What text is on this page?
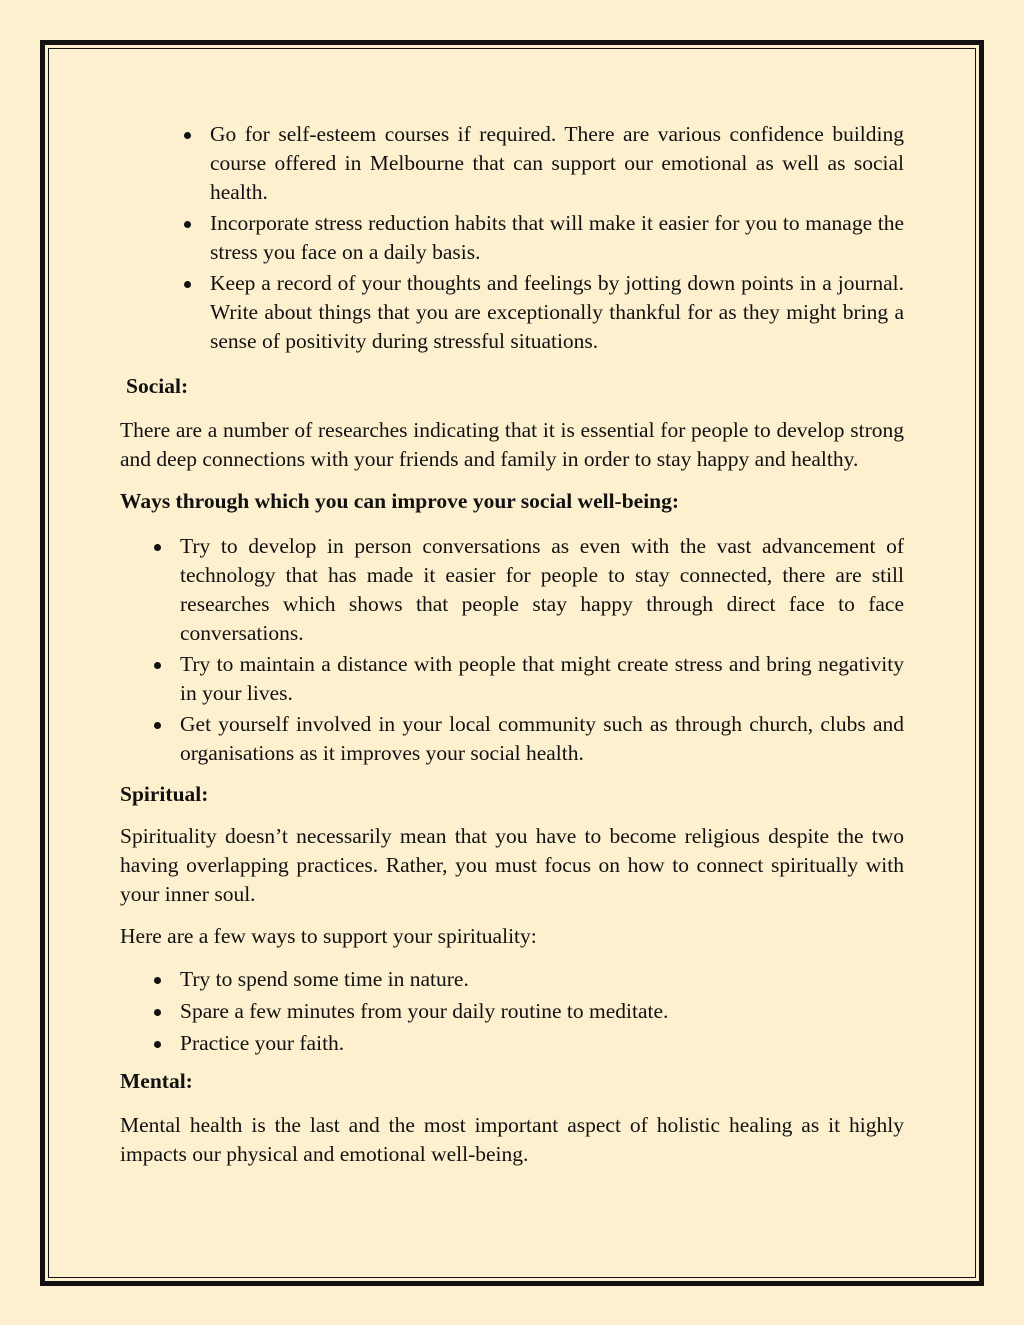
Go for self-esteem courses if required. There are various confidence building course offered in Melbourne that can support our emotional as well as social health.
Incorporate stress reduction habits that will make it easier for you to manage the stress you face on a daily basis.
Keep a record of your thoughts and feelings by jotting down points in a journal. Write about things that you are exceptionally thankful for as they might bring a sense of positivity during stressful situations.

Social:

There are a number of researches indicating that it is essential for people to develop strong and deep connections with your friends and family in order to stay happy and healthy.

Ways through which you can improve your social well-being:

Try to develop in person conversations as even with the vast advancement of technology that has made it easier for people to stay connected, there are still researches which shows that people stay happy through direct face to face conversations.
Try to maintain a distance with people that might create stress and bring negativity in your lives.
Get yourself involved in your local community such as through church, clubs and organisations as it improves your social health.

Spiritual:

Spirituality doesn’t necessarily mean that you have to become religious despite the two having overlapping practices. Rather, you must focus on how to connect spiritually with your inner soul.

Here are a few ways to support your spirituality:

Try to spend some time in nature.
Spare a few minutes from your daily routine to meditate.
Practice your faith.

Mental:

Mental health is the last and the most important aspect of holistic healing as it highly impacts our physical and emotional well-being.
